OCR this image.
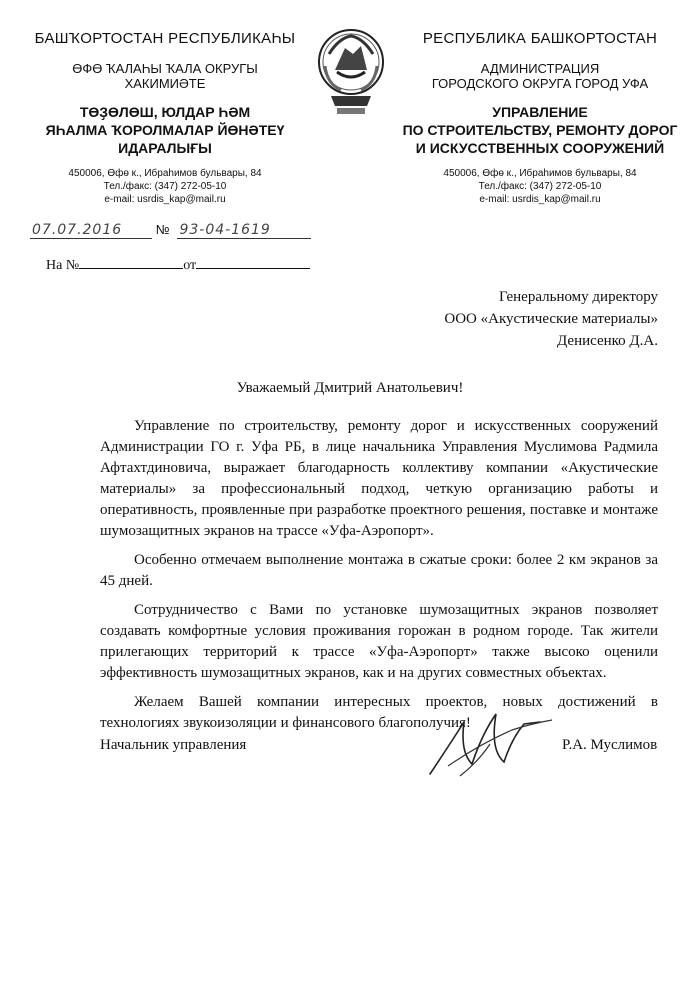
БАШҠОРТОСТАН РЕСПУБЛИКАҺЫ
ӨФӨ ҠАЛАҺЫ ҠАЛА ОКРУГЫ
ХАКИМИӘТЕ
ТӨҘӨЛӨШ, ЮЛДАР ҺӘМ
ЯҺАЛМА ҠОРОЛМАЛАР ЙӨНӘТЕҮ
ИДАРАЛЫҒЫ
450006, Өфө к., Ибраһимов бульвары, 84
Тел./факс: (347) 272-05-10
e-mail: usrdis_kap@mail.ru
РЕСПУБЛИКА БАШКОРТОСТАН
АДМИНИСТРАЦИЯ
ГОРОДСКОГО ОКРУГА ГОРОД УФА
УПРАВЛЕНИЕ
ПО СТРОИТЕЛЬСТВУ, РЕМОНТУ ДОРОГ
И ИСКУССТВЕННЫХ СООРУЖЕНИЙ
450006, Өфө к., Ибраһимов бульвары, 84
Тел./факс: (347) 272-05-10
e-mail: usrdis_kap@mail.ru
07.07.2016	№ 93-04-1619
На №	от
Генеральному директору
ООО «Акустические материалы»
Денисенко Д.А.
Уважаемый Дмитрий Анатольевич!

Управление по строительству, ремонту дорог и искусственных сооружений Администрации ГО г. Уфа РБ, в лице начальника Управления Муслимова Радмила Афтахтдиновича, выражает благодарность коллективу компании «Акустические материалы» за профессиональный подход, четкую организацию работы и оперативность, проявленные при разработке проектного решения, поставке и монтаже шумозащитных экранов на трассе «Уфа-Аэропорт».

Особенно отмечаем выполнение монтажа в сжатые сроки: более 2 км экранов за 45 дней.

Сотрудничество с Вами по установке шумозащитных экранов позволяет создавать комфортные условия проживания горожан в родном городе. Так жители прилегающих территорий к трассе «Уфа-Аэропорт» также высоко оценили эффективность шумозащитных экранов, как и на других совместных объектах.

Желаем Вашей компании интересных проектов, новых достижений в технологиях звукоизоляции и финансового благополучия!

Начальник управления	Р.А. Муслимов
